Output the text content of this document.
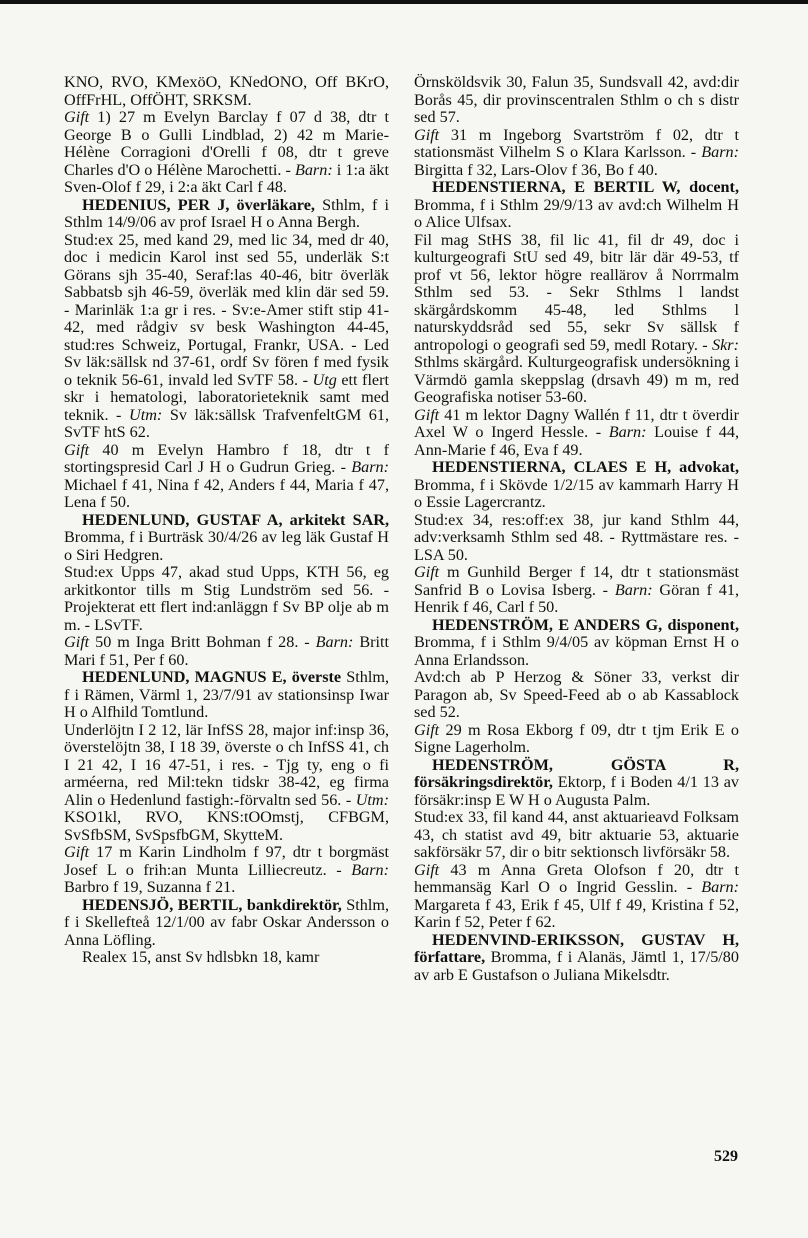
KNO, RVO, KMexöO, KNedONO, Off BKrO, OffFrHL, OffÖHT, SRKSM.

Gift 1) 27 m Evelyn Barclay f 07 d 38, dtr t George B o Gulli Lindblad, 2) 42 m Marie-Hélène Corragioni d'Orelli f 08, dtr t greve Charles d'O o Hélène Marochetti. - Barn: i 1:a äkt Sven-Olof f 29, i 2:a äkt Carl f 48.

HEDENIUS, PER J, överläkare, Sthlm, f i Sthlm 14/9/06 av prof Israel H o Anna Bergh.

Stud:ex 25, med kand 29, med lic 34, med dr 40, doc i medicin Karol inst sed 55, underläk S:t Görans sjh 35-40, Seraf:las 40-46, bitr överläk Sabbatsb sjh 46-59, överläk med klin där sed 59. - Marinläk 1:a gr i res. - Sv:e-Amer stift stip 41-42, med rådgiv sv besk Washington 44-45, stud:res Schweiz, Portugal, Frankr, USA. - Led Sv läk:sällsk nd 37-61, ordf Sv fören f med fysik o teknik 56-61, invald led SvTF 58. - Utg ett flert skr i hematologi, laboratorieteknik samt med teknik. - Utm: Sv läk:sällsk TrafvenfeltGM 61, SvTF htS 62.

Gift 40 m Evelyn Hambro f 18, dtr t f stortingspresid Carl J H o Gudrun Grieg. - Barn: Michael f 41, Nina f 42, Anders f 44, Maria f 47, Lena f 50.

HEDENLUND, GUSTAF A, arkitekt SAR, Bromma, f i Burträsk 30/4/26 av leg läk Gustaf H o Siri Hedgren.

Stud:ex Upps 47, akad stud Upps, KTH 56, eg arkitkontor tills m Stig Lundström sed 56. - Projekterat ett flert ind:anläggn f Sv BP olje ab m m. - LSvTF.

Gift 50 m Inga Britt Bohman f 28. - Barn: Britt Mari f 51, Per f 60.

HEDENLUND, MAGNUS E, överste Sthlm, f i Rämen, Värml 1, 23/7/91 av stationsinsp Iwar H o Alfhild Tomtlund.

Underlöjtn I 2 12, lär InfSS 28, major inf:insp 36, överstelöjtn 38, I 18 39, överste o ch InfSS 41, ch I 21 42, I 16 47-51, i res. - Tjg ty, eng o fi arméerna, red Mil:tekn tidskr 38-42, eg firma Alin o Hedenlund fastigh:-förvaltn sed 56. - Utm: KSO1kl, RVO, KNS:tOOmstj, CFBGM, SvSfbSM, SvSpsfbGM, SkytteM.

Gift 17 m Karin Lindholm f 97, dtr t borgmäst Josef L o frih:an Munta Lilliecreutz. - Barn: Barbro f 19, Suzanna f 21.

HEDENSJÖ, BERTIL, bankdirektör, Sthlm, f i Skellefteå 12/1/00 av fabr Oskar Andersson o Anna Löfling.

Realex 15, anst Sv hdlsbkn 18, kamr

Örnsköldsvik 30, Falun 35, Sundsvall 42, avd:dir Borås 45, dir provinscentralen Sthlm o ch s distr sed 57.

Gift 31 m Ingeborg Svartström f 02, dtr t stationsmäst Vilhelm S o Klara Karlsson. - Barn: Birgitta f 32, Lars-Olov f 36, Bo f 40.

HEDENSTIERNA, E BERTIL W, docent, Bromma, f i Sthlm 29/9/13 av avd:ch Wilhelm H o Alice Ulfsax.

Fil mag StHS 38, fil lic 41, fil dr 49, doc i kulturgeografi StU sed 49, bitr lär där 49-53, tf prof vt 56, lektor högre reallärov å Norrmalm Sthlm sed 53. - Sekr Sthlms l landst skärgårdskomm 45-48, led Sthlms l naturskyddsråd sed 55, sekr Sv sällsk f antropologi o geografi sed 59, medl Rotary. - Skr: Sthlms skärgård. Kulturgeografisk undersökning i Värmdö gamla skeppslag (drsavh 49) m m, red Geografiska notiser 53-60.

Gift 41 m lektor Dagny Wallén f 11, dtr t överdir Axel W o Ingerd Hessle. - Barn: Louise f 44, Ann-Marie f 46, Eva f 49.

HEDENSTIERNA, CLAES E H, advokat, Bromma, f i Skövde 1/2/15 av kammarh Harry H o Essie Lagercrantz.

Stud:ex 34, res:off:ex 38, jur kand Sthlm 44, adv:verksamh Sthlm sed 48. - Ryttmästare res. - LSA 50.

Gift m Gunhild Berger f 14, dtr t stationsmäst Sanfrid B o Lovisa Isberg. - Barn: Göran f 41, Henrik f 46, Carl f 50.

HEDENSTRÖM, E ANDERS G, disponent, Bromma, f i Sthlm 9/4/05 av köpman Ernst H o Anna Erlandsson.

Avd:ch ab P Herzog & Söner 33, verkst dir Paragon ab, Sv Speed-Feed ab o ab Kassablock sed 52.

Gift 29 m Rosa Ekborg f 09, dtr t tjm Erik E o Signe Lagerholm.

HEDENSTRÖM, GÖSTA R, försäkringsdirektör, Ektorp, f i Boden 4/1 13 av försäkr:insp E W H o Augusta Palm.

Stud:ex 33, fil kand 44, anst aktuarieavd Folksam 43, ch statist avd 49, bitr aktuarie 53, aktuarie sakförsäkr 57, dir o bitr sektionsch livförsäkr 58.

Gift 43 m Anna Greta Olofson f 20, dtr t hemmansäg Karl O o Ingrid Gesslin. - Barn: Margareta f 43, Erik f 45, Ulf f 49, Kristina f 52, Karin f 52, Peter f 62.

HEDENVIND-ERIKSSON, GUSTAV H, författare, Bromma, f i Alanäs, Jämtl 1, 17/5/80 av arb E Gustafson o Juliana Mikelsdtr.

529
